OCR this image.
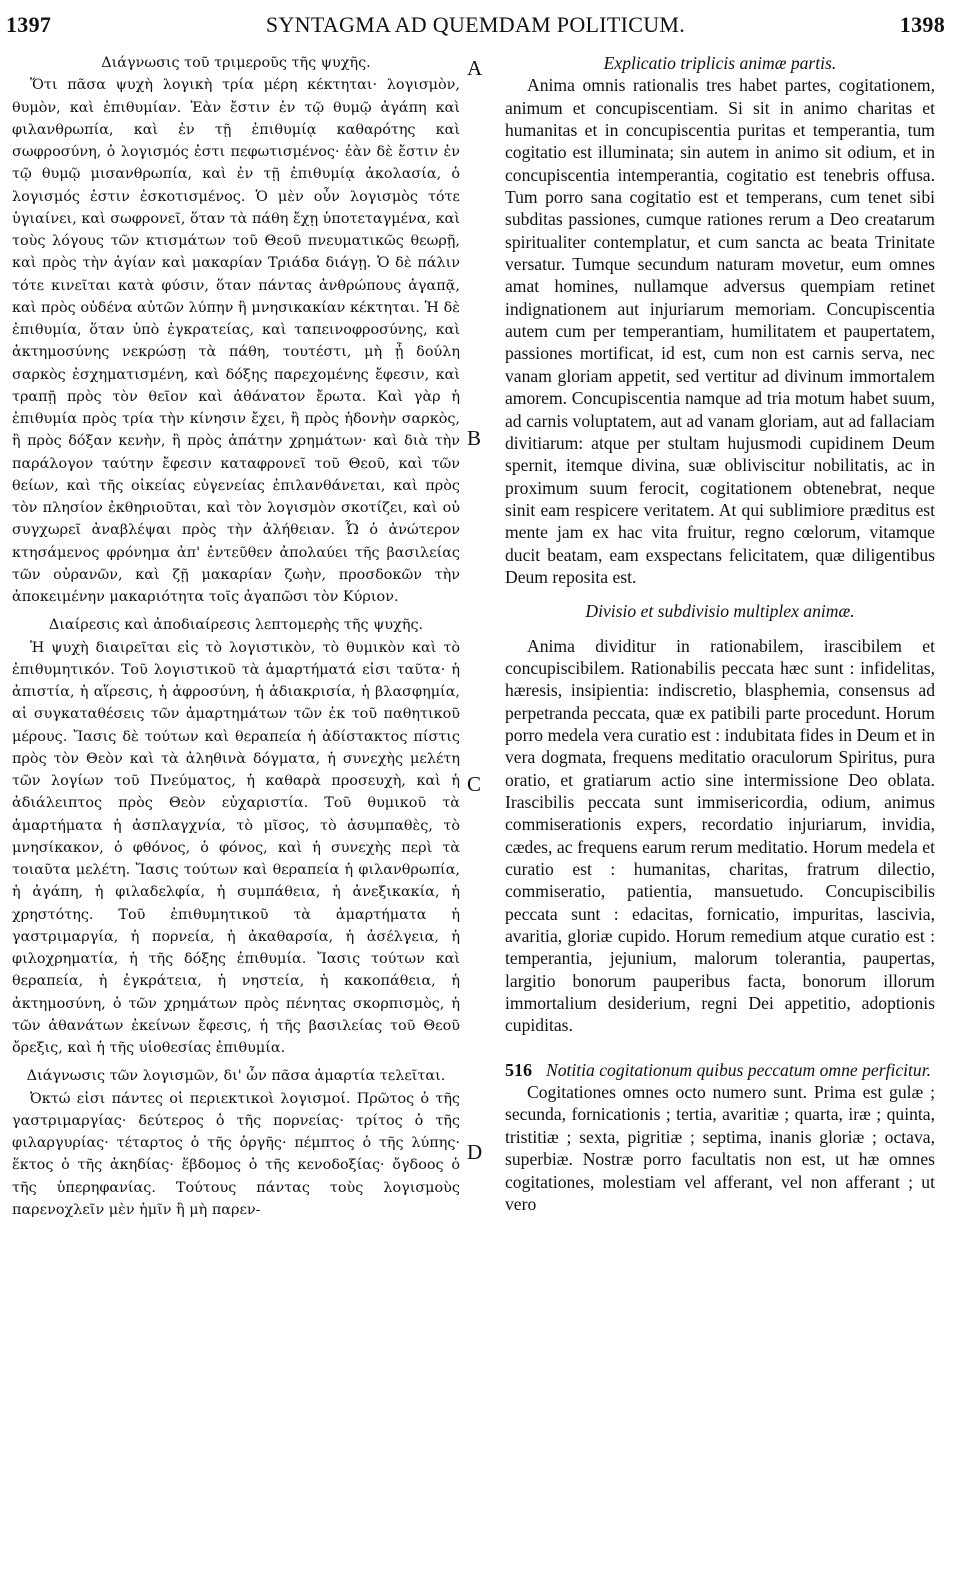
1397	SYNTAGMA AD QUEMDAM POLITICUM.	1398
A
B
C
D

Διάγνωσις τοῦ τριμεροῦς τῆς ψυχῆς.

Ὅτι πᾶσα ψυχὴ λογικὴ τρία μέρη κέκτηται· λογισμὸν, θυμὸν, καὶ ἐπιθυμίαν. Ἐὰν ἔστιν ἐν τῷ θυμῷ ἀγάπη καὶ φιλανθρωπία, καὶ ἐν τῇ ἐπιθυμίᾳ καθαρότης καὶ σωφροσύνη, ὁ λογισμός ἐστι πεφωτισμένος· ἐὰν δὲ ἔστιν ἐν τῷ θυμῷ μισανθρωπία, καὶ ἐν τῇ ἐπιθυμίᾳ ἀκολασία, ὁ λογισμός ἐστιν ἐσκοτισμένος. Ὁ μὲν οὖν λογισμὸς τότε ὑγιαίνει, καὶ σωφρονεῖ, ὅταν τὰ πάθη ἔχῃ ὑποτεταγμένα, καὶ τοὺς λόγους τῶν κτισμάτων τοῦ Θεοῦ πνευματικῶς θεωρῇ, καὶ πρὸς τὴν ἁγίαν καὶ μακαρίαν Τριάδα διάγῃ. Ὁ δὲ πάλιν τότε κινεῖται κατὰ φύσιν, ὅταν πάντας ἀνθρώπους ἀγαπᾷ, καὶ πρὸς οὐδένα αὐτῶν λύπην ἢ μνησικακίαν κέκτηται. Ἡ δὲ ἐπιθυμία, ὅταν ὑπὸ ἐγκρατείας, καὶ ταπεινοφροσύνης, καὶ ἀκτημοσύνης νεκρώσῃ τὰ πάθη, τουτέστι, μὴ ᾖ δούλη σαρκὸς ἐσχηματισμένη, καὶ δόξης παρεχομένης ἔφεσιν, καὶ τραπῇ πρὸς τὸν θεῖον καὶ ἀθάνατον ἔρωτα. Καὶ γὰρ ἡ ἐπιθυμία πρὸς τρία τὴν κίνησιν ἔχει, ἢ πρὸς ἡδονὴν σαρκὸς, ἢ πρὸς δόξαν κενὴν, ἢ πρὸς ἀπάτην χρημάτων· καὶ διὰ τὴν παράλογον ταύτην ἔφεσιν καταφρονεῖ τοῦ Θεοῦ, καὶ τῶν θείων, καὶ τῆς οἰκείας εὐγενείας ἐπιλανθάνεται, καὶ πρὸς τὸν πλησίον ἐκθηριοῦται, καὶ τὸν λογισμὸν σκοτίζει, καὶ οὐ συγχωρεῖ ἀναβλέψαι πρὸς τὴν ἀλήθειαν. Ὦ ὁ ἀνώτερον κτησάμενος φρόνημα ἀπ' ἐντεῦθεν ἀπολαύει τῆς βασιλείας τῶν οὐρανῶν, καὶ ζῇ μακαρίαν ζωὴν, προσδοκῶν τὴν ἀποκειμένην μακαριότητα τοῖς ἀγαπῶσι τὸν Κύριον.

Διαίρεσις καὶ ἀποδιαίρεσις λεπτομερὴς τῆς ψυχῆς.

Ἡ ψυχὴ διαιρεῖται εἰς τὸ λογιστικὸν, τὸ θυμικὸν καὶ τὸ ἐπιθυμητικόν. Τοῦ λογιστικοῦ τὰ ἁμαρτήματά εἰσι ταῦτα· ἡ ἀπιστία, ἡ αἵρεσις, ἡ ἀφροσύνη, ἡ ἀδιακρισία, ἡ βλασφημία, αἱ συγκαταθέσεις τῶν ἁμαρτημάτων τῶν ἐκ τοῦ παθητικοῦ μέρους. Ἴασις δὲ τούτων καὶ θεραπεία ἡ ἀδίστακτος πίστις πρὸς τὸν Θεὸν καὶ τὰ ἀληθινὰ δόγματα, ἡ συνεχὴς μελέτη τῶν λογίων τοῦ Πνεύματος, ἡ καθαρὰ προσευχὴ, καὶ ἡ ἀδιάλειπτος πρὸς Θεὸν εὐχαριστία. Τοῦ θυμικοῦ τὰ ἁμαρτήματα ἡ ἀσπλαγχνία, τὸ μῖσος, τὸ ἀσυμπαθὲς, τὸ μνησίκακον, ὁ φθόνος, ὁ φόνος, καὶ ἡ συνεχὴς περὶ τὰ τοιαῦτα μελέτη. Ἴασις τούτων καὶ θεραπεία ἡ φιλανθρωπία, ἡ ἀγάπη, ἡ φιλαδελφία, ἡ συμπάθεια, ἡ ἀνεξικακία, ἡ χρηστότης. Τοῦ ἐπιθυμητικοῦ τὰ ἁμαρτήματα ἡ γαστριμαργία, ἡ πορνεία, ἡ ἀκαθαρσία, ἡ ἀσέλγεια, ἡ φιλοχρηματία, ἡ τῆς δόξης ἐπιθυμία. Ἴασις τούτων καὶ θεραπεία, ἡ ἐγκράτεια, ἡ νηστεία, ἡ κακοπάθεια, ἡ ἀκτημοσύνη, ὁ τῶν χρημάτων πρὸς πένητας σκορπισμὸς, ἡ τῶν ἀθανάτων ἐκείνων ἔφεσις, ἡ τῆς βασιλείας τοῦ Θεοῦ ὄρεξις, καὶ ἡ τῆς υἱοθεσίας ἐπιθυμία.

Διάγνωσις τῶν λογισμῶν, δι' ὧν πᾶσα ἁμαρτία τελεῖται.

Ὀκτώ εἰσι πάντες οἱ περιεκτικοὶ λογισμοί. Πρῶτος ὁ τῆς γαστριμαργίας· δεύτερος ὁ τῆς πορνείας· τρίτος ὁ τῆς φιλαργυρίας· τέταρτος ὁ τῆς ὀργῆς· πέμπτος ὁ τῆς λύπης· ἕκτος ὁ τῆς ἀκηδίας· ἕβδομος ὁ τῆς κενοδοξίας· ὄγδοος ὁ τῆς ὑπερηφανίας. Τούτους πάντας τοὺς λογισμοὺς παρενοχλεῖν μὲν ἡμῖν ἢ μὴ παρεν-

Explicatio triplicis animæ partis.

Anima omnis rationalis tres habet partes, cogitationem, animum et concupiscentiam. Si sit in animo charitas et humanitas et in concupiscentia puritas et temperantia, tum cogitatio est illuminata; sin autem in animo sit odium, et in concupiscentia intemperantia, cogitatio est tenebris offusa. Tum porro sana cogitatio est et temperans, cum tenet sibi subditas passiones, cumque rationes rerum a Deo creatarum spiritualiter contemplatur, et cum sancta ac beata Trinitate versatur. Tumque secundum naturam movetur, eum omnes amat homines, nullamque adversus quempiam retinet indignationem aut injuriarum memoriam. Concupiscentia autem cum per temperantiam, humilitatem et paupertatem, passiones mortificat, id est, cum non est carnis serva, nec vanam gloriam appetit, sed vertitur ad divinum immortalem amorem. Concupiscentia namque ad tria motum habet suum, ad carnis voluptatem, aut ad vanam gloriam, aut ad fallaciam divitiarum: atque per stultam hujusmodi cupidinem Deum spernit, itemque divina, suæ obliviscitur nobilitatis, ac in proximum suum ferocit, cogitationem obtenebrat, neque sinit eam respicere veritatem. At qui sublimiore præditus est mente jam ex hac vita fruitur, regno cœlorum, vitamque ducit beatam, eam exspectans felicitatem, quæ diligentibus Deum reposita est.

Divisio et subdivisio multiplex animæ.

Anima dividitur in rationabilem, irascibilem et concupiscibilem. Rationabilis peccata hæc sunt : infidelitas, hæresis, insipientia: indiscretio, blasphemia, consensus ad perpetranda peccata, quæ ex patibili parte procedunt. Horum porro medela vera curatio est : indubitata fides in Deum et in vera dogmata, frequens meditatio oraculorum Spiritus, pura oratio, et gratiarum actio sine intermissione Deo oblata. Irascibilis peccata sunt immisericordia, odium, animus commiserationis expers, recordatio injuriarum, invidia, cædes, ac frequens earum rerum meditatio. Horum medela et curatio est : humanitas, charitas, fratrum dilectio, commiseratio, patientia, mansuetudo. Concupiscibilis peccata sunt : edacitas, fornicatio, impuritas, lascivia, avaritia, gloriæ cupido. Horum remedium atque curatio est : temperantia, jejunium, malorum tolerantia, paupertas, largitio bonorum pauperibus facta, bonorum illorum immortalium desiderium, regni Dei appetitio, adoptionis cupiditas.

516 Notitia cogitationum quibus peccatum omne perficitur.

Cogitationes omnes octo numero sunt. Prima est gulæ ; secunda, fornicationis ; tertia, avaritiæ ; quarta, iræ ; quinta, tristitiæ ; sexta, pigritiæ ; septima, inanis gloriæ ; octava, superbiæ. Nostræ porro facultatis non est, ut hæ omnes cogitationes, molestiam vel afferant, vel non afferant ; ut vero
